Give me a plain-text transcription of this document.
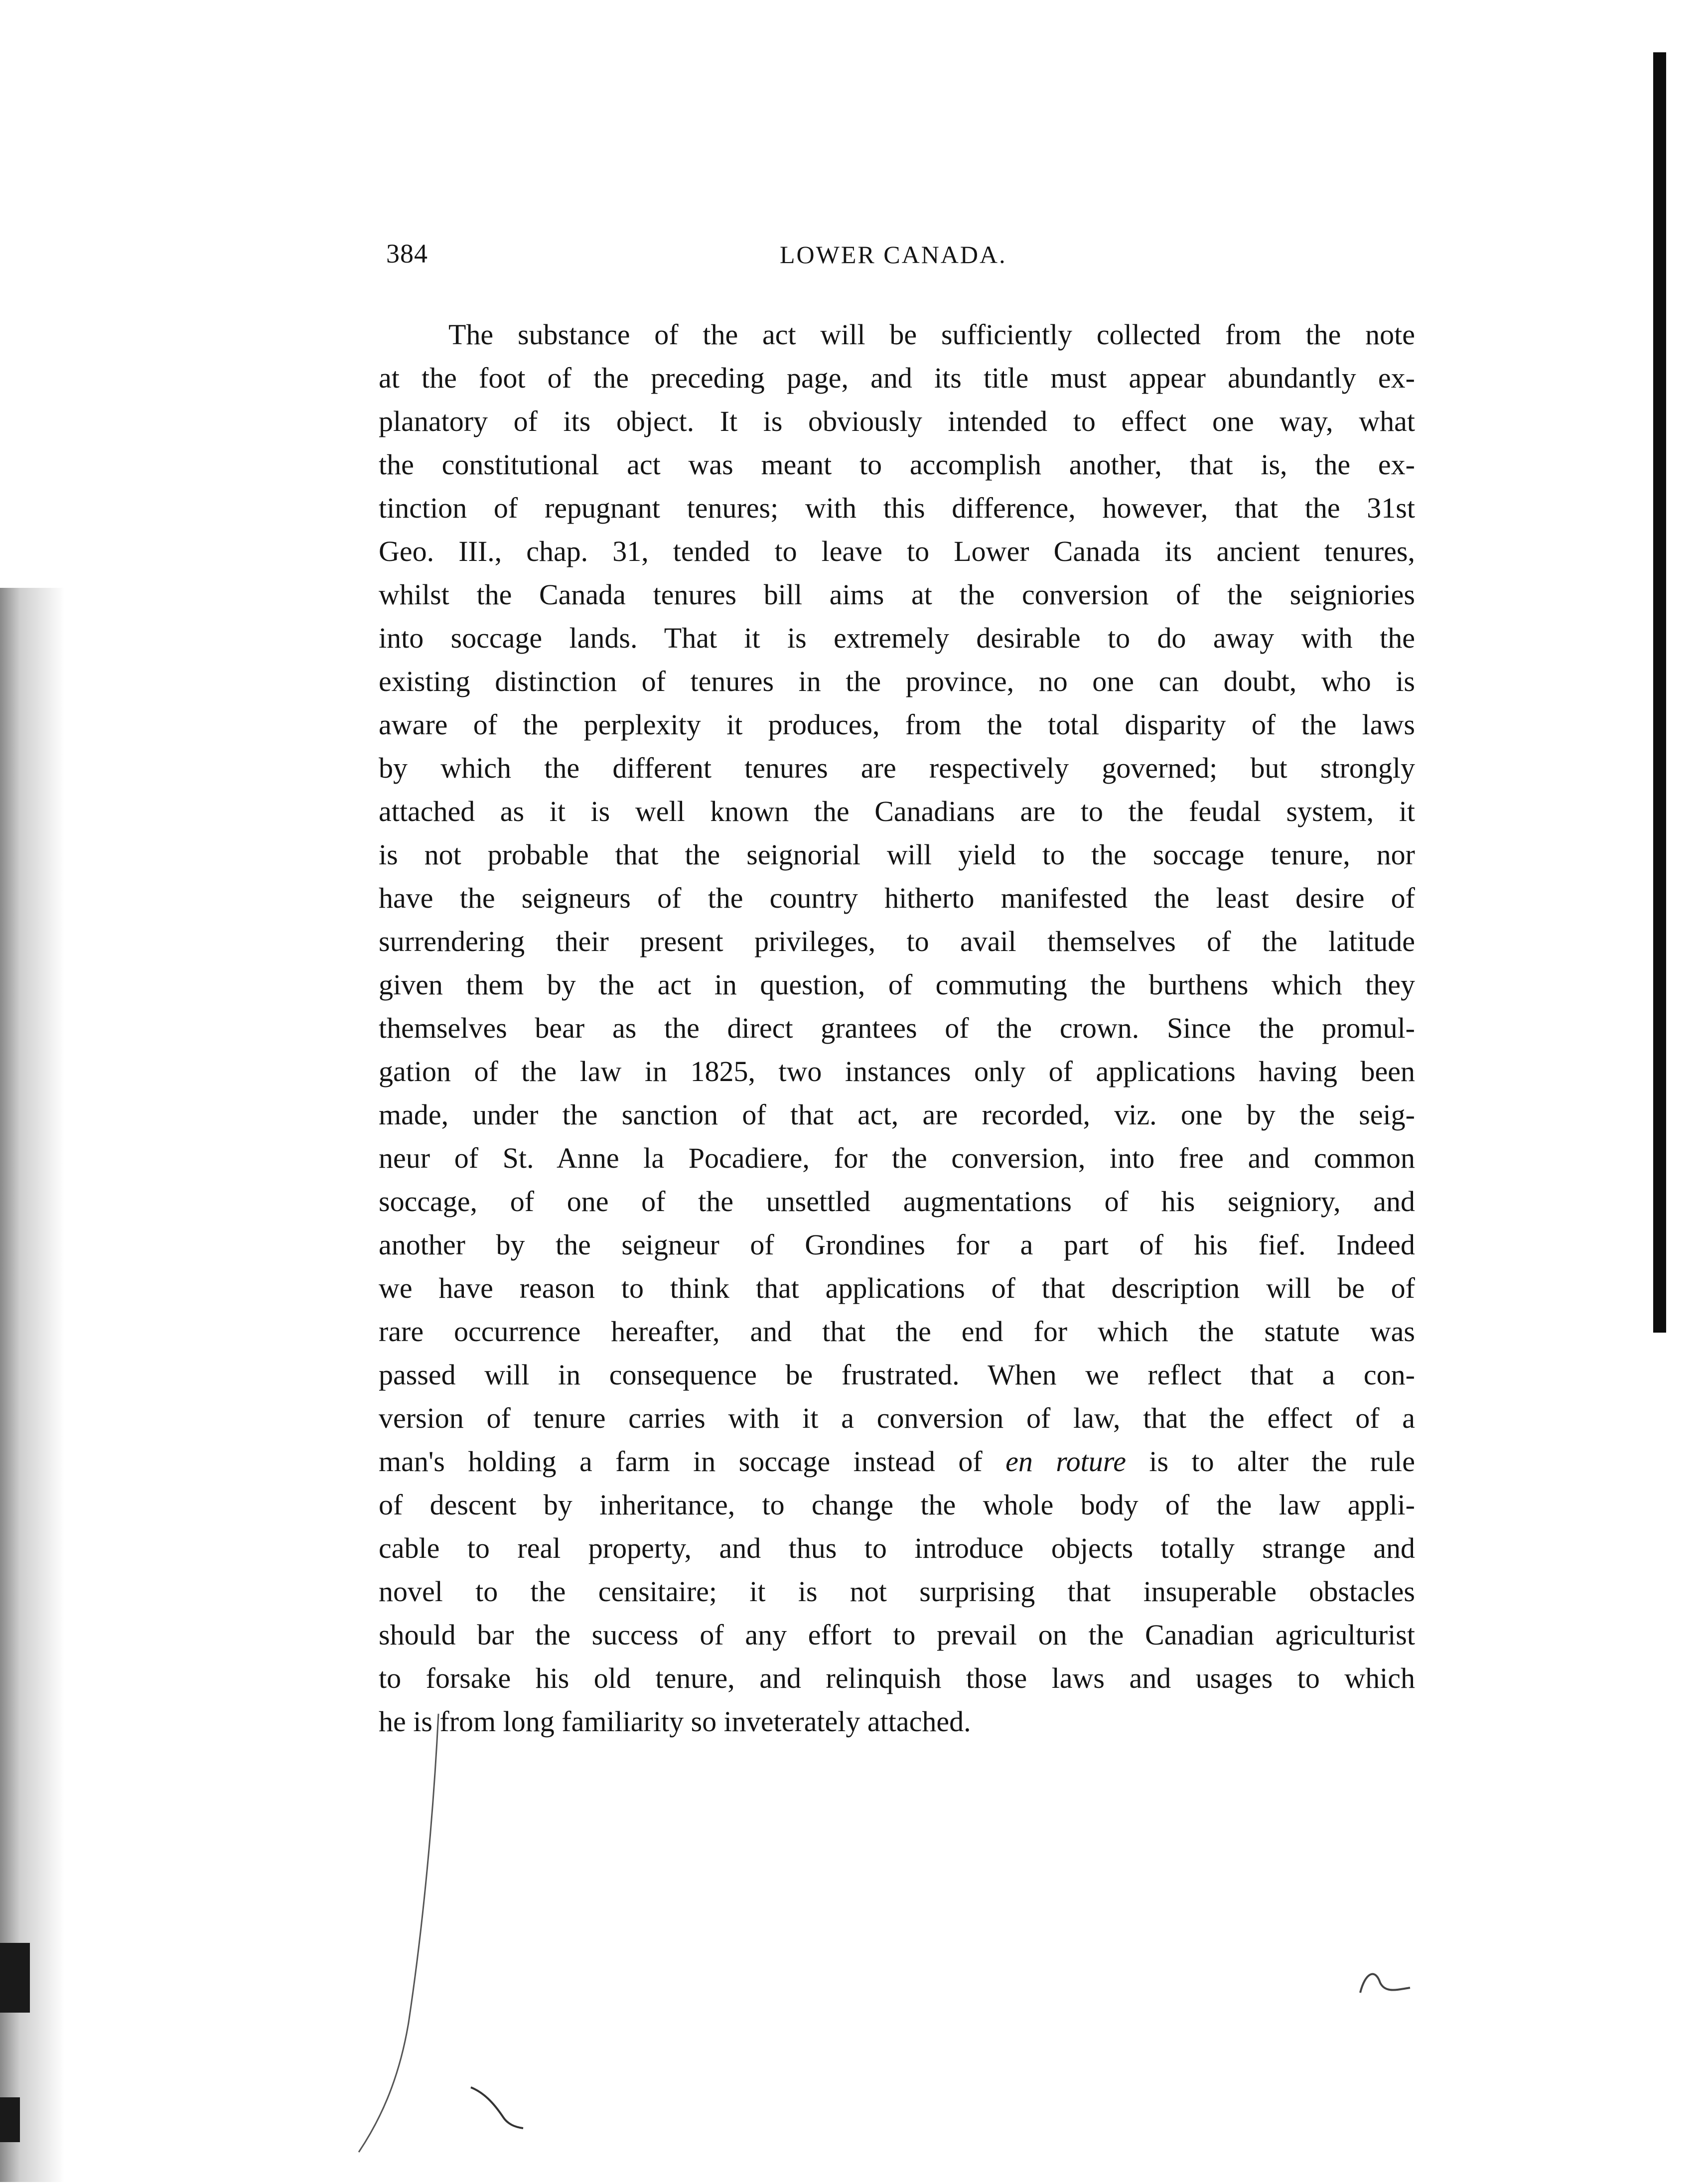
384	LOWER CANADA.
The substance of the act will be sufficiently collected from the note
at the foot of the preceding page, and its title must appear abundantly ex-
planatory of its object. It is obviously intended to effect one way, what
the constitutional act was meant to accomplish another, that is, the ex-
tinction of repugnant tenures; with this difference, however, that the 31st
Geo. III., chap. 31, tended to leave to Lower Canada its ancient tenures,
whilst the Canada tenures bill aims at the conversion of the seigniories
into soccage lands. That it is extremely desirable to do away with the
existing distinction of tenures in the province, no one can doubt, who is
aware of the perplexity it produces, from the total disparity of the laws
by which the different tenures are respectively governed; but strongly
attached as it is well known the Canadians are to the feudal system, it
is not probable that the seignorial will yield to the soccage tenure, nor
have the seigneurs of the country hitherto manifested the least desire of
surrendering their present privileges, to avail themselves of the latitude
given them by the act in question, of commuting the burthens which they
themselves bear as the direct grantees of the crown. Since the promul-
gation of the law in 1825, two instances only of applications having been
made, under the sanction of that act, are recorded, viz. one by the seig-
neur of St. Anne la Pocadiere, for the conversion, into free and common
soccage, of one of the unsettled augmentations of his seigniory, and
another by the seigneur of Grondines for a part of his fief. Indeed
we have reason to think that applications of that description will be of
rare occurrence hereafter, and that the end for which the statute was
passed will in consequence be frustrated. When we reflect that a con-
version of tenure carries with it a conversion of law, that the effect of a
man's holding a farm in soccage instead of en roture is to alter the rule
of descent by inheritance, to change the whole body of the law appli-
cable to real property, and thus to introduce objects totally strange and
novel to the censitaire; it is not surprising that insuperable obstacles
should bar the success of any effort to prevail on the Canadian agriculturist
to forsake his old tenure, and relinquish those laws and usages to which
he is from long familiarity so inveterately attached.
